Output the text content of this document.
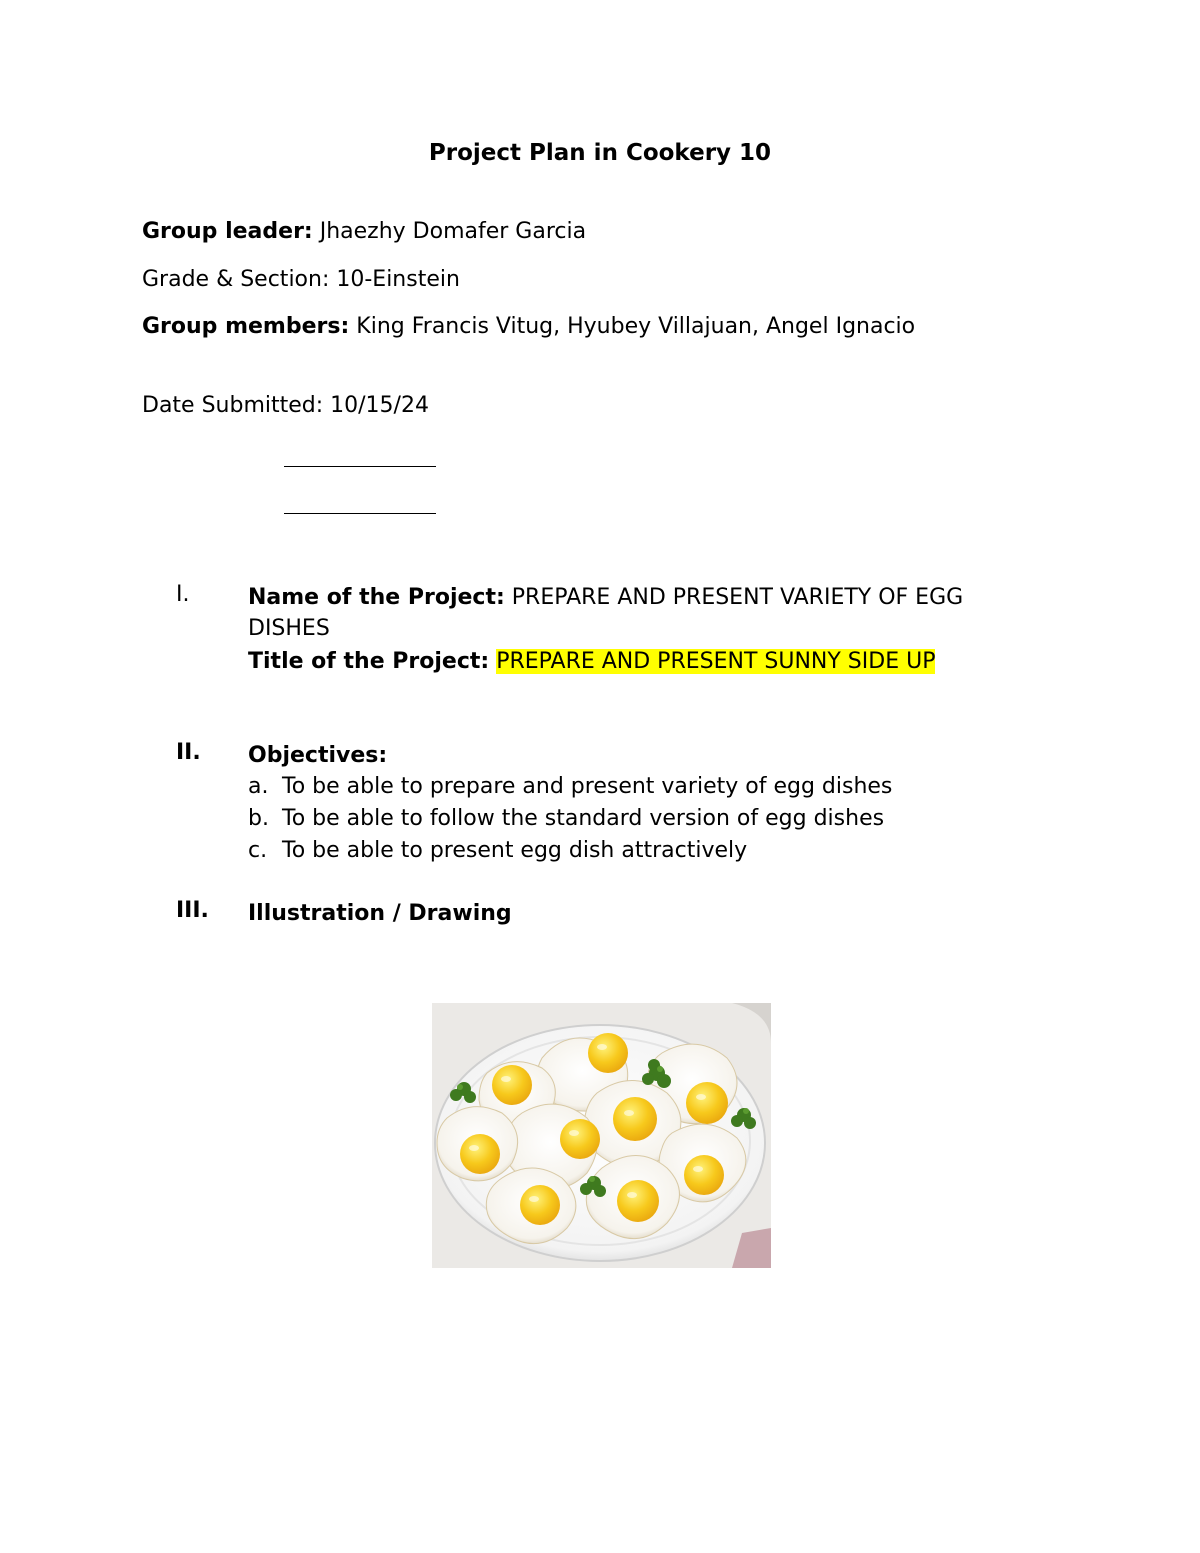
Project Plan in Cookery 10
Group leader: Jhaezhy Domafer Garcia
Grade & Section: 10-Einstein
Group members: King Francis Vitug, Hyubey Villajuan, Angel Ignacio
Date Submitted: 10/15/24
I.	Name of the Project: PREPARE AND PRESENT VARIETY OF EGG DISHES
Title of the Project: PREPARE AND PRESENT SUNNY SIDE UP
II. Objectives:
a. To be able to prepare and present variety of egg dishes
b. To be able to follow the standard version of egg dishes
c. To be able to present egg dish attractively
III. Illustration / Drawing
